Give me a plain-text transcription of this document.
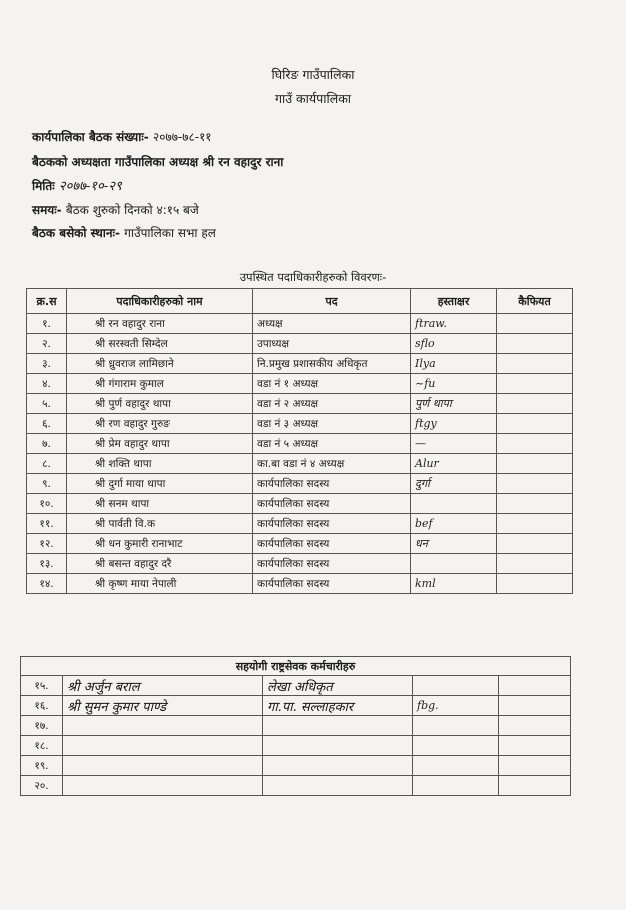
घिरिङ गाउँपालिका
गाउँ कार्यपालिका
कार्यपालिका बैठक संख्याः- २०७७-७८-११
बैठकको अध्यक्षता गाउँपालिका अध्यक्ष श्री रन वहादुर राना
मितिः २०७७-१०-२९
समयः- बैठक शुरुको दिनको ४:१५ बजे
बैठक बसेको स्थानः- गाउँपालिका सभा हल
उपस्थित पदाधिकारीहरुको विवरणः-
क्र.स	पदाधिकारीहरुको नाम	पद	हस्ताक्षर	कैफियत
१.	श्री रन वहादुर राना	अध्यक्ष	ftraw.	
२.	श्री सरस्वती सिम्देल	उपाध्यक्ष	sflo	
३.	श्री ध्रुवराज लामिछाने	नि.प्रमुख प्रशासकीय अधिकृत	Ilya	
४.	श्री गंगाराम कुमाल	वडा नं १ अध्यक्ष	~fu	
५.	श्री पुर्ण वहादुर थापा	वडा नं २ अध्यक्ष	पुर्ण थापा	
६.	श्री रण वहादुर गुरुङ	वडा नं ३ अध्यक्ष	ftgy	
७.	श्री प्रेम वहादुर थापा	वडा नं ५ अध्यक्ष	—	
८.	श्री शक्ति थापा	का.बा वडा नं ४ अध्यक्ष	Alur	
९.	श्री दुर्गा माया थापा	कार्यपालिका सदस्य	दुर्गा	
१०.	श्री सनम थापा	कार्यपालिका सदस्य		
११.	श्री पार्वती वि.क	कार्यपालिका सदस्य	bef	
१२.	श्री धन कुमारी रानाभाट	कार्यपालिका सदस्य	धन	
१३.	श्री बसन्त वहादुर दरै	कार्यपालिका सदस्य		
१४.	श्री कृष्ण माया नेपाली	कार्यपालिका सदस्य	kml	
सहयोगी राष्ट्रसेवक कर्मचारीहरु				
१५.	श्री अर्जुन बराल	लेखा अधिकृत		
१६.	श्री सुमन कुमार पाण्डे	गा.पा. सल्लाहकार	fbg.	
१७.				
१८.				
१९.				
२०.				
